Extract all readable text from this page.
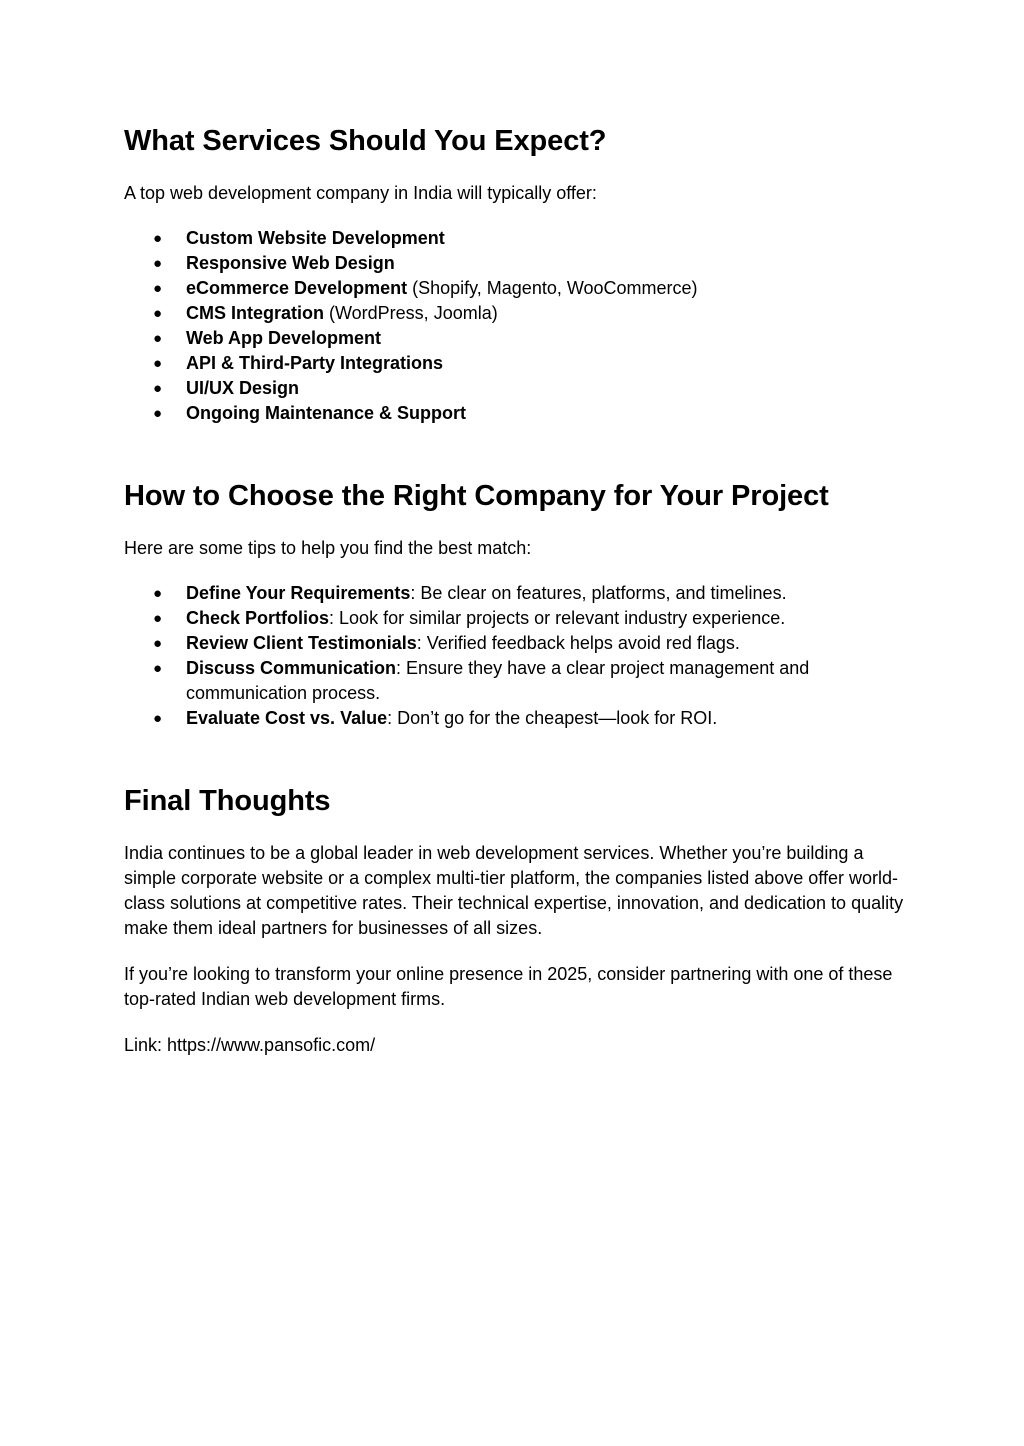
What Services Should You Expect?

A top web development company in India will typically offer:

● Custom Website Development
● Responsive Web Design
● eCommerce Development (Shopify, Magento, WooCommerce)
● CMS Integration (WordPress, Joomla)
● Web App Development
● API & Third-Party Integrations
● UI/UX Design
● Ongoing Maintenance & Support
How to Choose the Right Company for Your Project

Here are some tips to help you find the best match:

● Define Your Requirements: Be clear on features, platforms, and timelines.
● Check Portfolios: Look for similar projects or relevant industry experience.
● Review Client Testimonials: Verified feedback helps avoid red flags.
● Discuss Communication: Ensure they have a clear project management and communication process.
● Evaluate Cost vs. Value: Don’t go for the cheapest—look for ROI.
Final Thoughts

India continues to be a global leader in web development services. Whether you’re building a simple corporate website or a complex multi-tier platform, the companies listed above offer world-class solutions at competitive rates. Their technical expertise, innovation, and dedication to quality make them ideal partners for businesses of all sizes.

If you’re looking to transform your online presence in 2025, consider partnering with one of these top-rated Indian web development firms.

Link: https://www.pansofic.com/
